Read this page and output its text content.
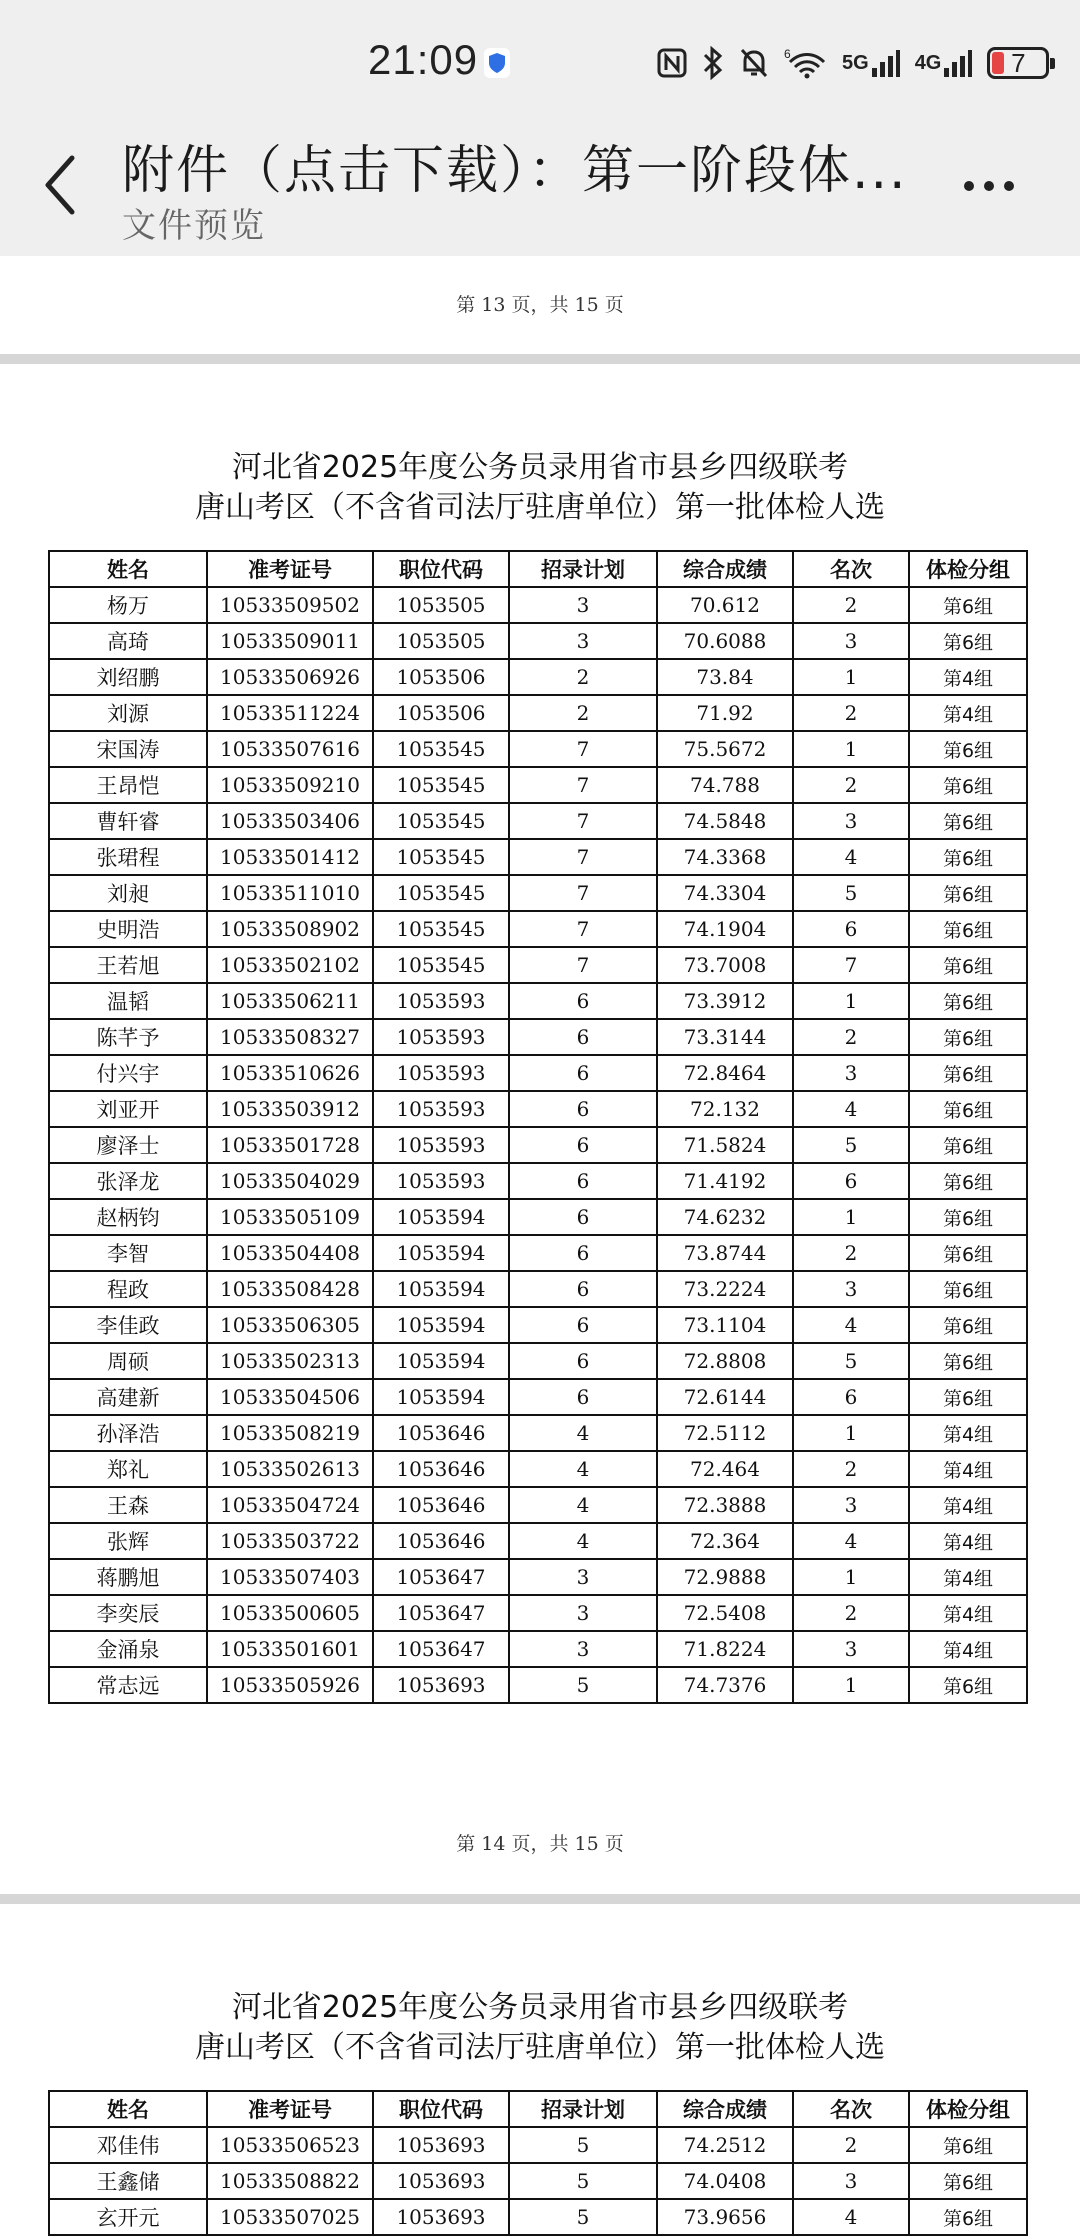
21:09	6	5G 4G	7
附件（点击下载）：第一阶段体...
文件预览
第 13 页，共 15 页
河北省2025年度公务员录用省市县乡四级联考
唐山考区（不含省司法厅驻唐单位）第一批体检人选
姓名	准考证号	职位代码	招录计划	综合成绩	名次	体检分组
杨万	10533509502	1053505	3	70.612	2	第6组
高琦	10533509011	1053505	3	70.6088	3	第6组
刘绍鹏	10533506926	1053506	2	73.84	1	第4组
刘源	10533511224	1053506	2	71.92	2	第4组
宋国涛	10533507616	1053545	7	75.5672	1	第6组
王昂恺	10533509210	1053545	7	74.788	2	第6组
曹轩睿	10533503406	1053545	7	74.5848	3	第6组
张珺程	10533501412	1053545	7	74.3368	4	第6组
刘昶	10533511010	1053545	7	74.3304	5	第6组
史明浩	10533508902	1053545	7	74.1904	6	第6组
王若旭	10533502102	1053545	7	73.7008	7	第6组
温韬	10533506211	1053593	6	73.3912	1	第6组
陈芊予	10533508327	1053593	6	73.3144	2	第6组
付兴宇	10533510626	1053593	6	72.8464	3	第6组
刘亚开	10533503912	1053593	6	72.132	4	第6组
廖泽士	10533501728	1053593	6	71.5824	5	第6组
张泽龙	10533504029	1053593	6	71.4192	6	第6组
赵柄钧	10533505109	1053594	6	74.6232	1	第6组
李智	10533504408	1053594	6	73.8744	2	第6组
程政	10533508428	1053594	6	73.2224	3	第6组
李佳政	10533506305	1053594	6	73.1104	4	第6组
周硕	10533502313	1053594	6	72.8808	5	第6组
高建新	10533504506	1053594	6	72.6144	6	第6组
孙泽浩	10533508219	1053646	4	72.5112	1	第4组
郑礼	10533502613	1053646	4	72.464	2	第4组
王森	10533504724	1053646	4	72.3888	3	第4组
张辉	10533503722	1053646	4	72.364	4	第4组
蒋鹏旭	10533507403	1053647	3	72.9888	1	第4组
李奕辰	10533500605	1053647	3	72.5408	2	第4组
金涌泉	10533501601	1053647	3	71.8224	3	第4组
常志远	10533505926	1053693	5	74.7376	1	第6组
第 14 页，共 15 页
河北省2025年度公务员录用省市县乡四级联考
唐山考区（不含省司法厅驻唐单位）第一批体检人选
姓名	准考证号	职位代码	招录计划	综合成绩	名次	体检分组
邓佳伟	10533506523	1053693	5	74.2512	2	第6组
王鑫储	10533508822	1053693	5	74.0408	3	第6组
玄开元	10533507025	1053693	5	73.9656	4	第6组
